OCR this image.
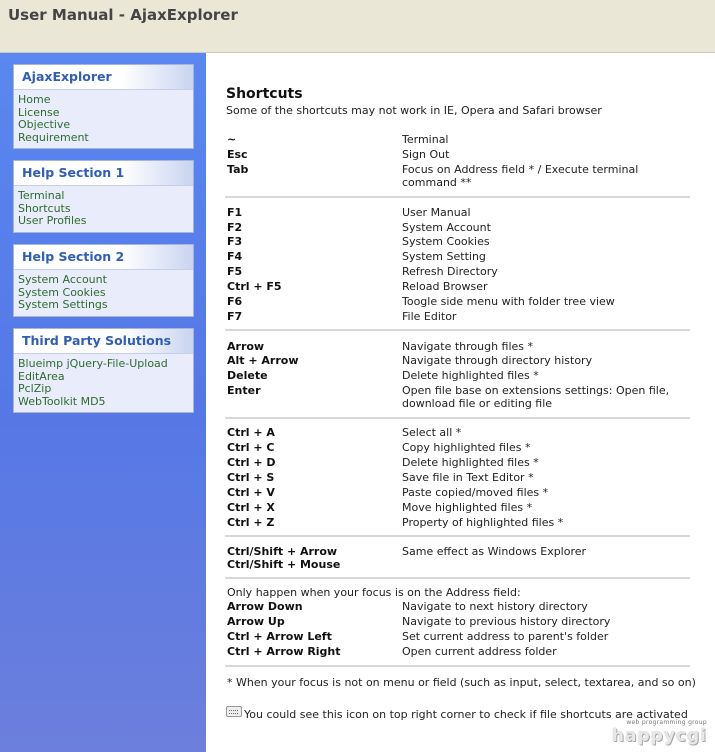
User Manual - AjaxExplorer
AjaxExplorer
Home
License
Objective
Requirement
Help Section 1
Terminal
Shortcuts
User Profiles
Help Section 2
System Account
System Cookies
System Settings
Third Party Solutions
Blueimp jQuery-File-Upload
EditArea
PclZip
WebToolkit MD5
Shortcuts
Some of the shortcuts may not work in IE, Opera and Safari browser
~	Terminal
Esc	Sign Out
Tab	Focus on Address field * / Execute terminal command **
F1	User Manual
F2	System Account
F3	System Cookies
F4	System Setting
F5	Refresh Directory
Ctrl + F5	Reload Browser
F6	Toogle side menu with folder tree view
F7	File Editor
Arrow	Navigate through files *
Alt + Arrow	Navigate through directory history
Delete	Delete highlighted files *
Enter	Open file base on extensions settings: Open file, download file or editing file
Ctrl + A	Select all *
Ctrl + C	Copy highlighted files *
Ctrl + D	Delete highlighted files *
Ctrl + S	Save file in Text Editor *
Ctrl + V	Paste copied/moved files *
Ctrl + X	Move highlighted files *
Ctrl + Z	Property of highlighted files *
Ctrl/Shift + Arrow	Same effect as Windows Explorer
Ctrl/Shift + Mouse
Only happen when your focus is on the Address field:
Arrow Down	Navigate to next history directory
Arrow Up	Navigate to previous history directory
Ctrl + Arrow Left	Set current address to parent's folder
Ctrl + Arrow Right	Open current address folder
* When your focus is not on menu or field (such as input, select, textarea, and so on)
You could see this icon on top right corner to check if file shortcuts are activated
web programming group
happycgi
